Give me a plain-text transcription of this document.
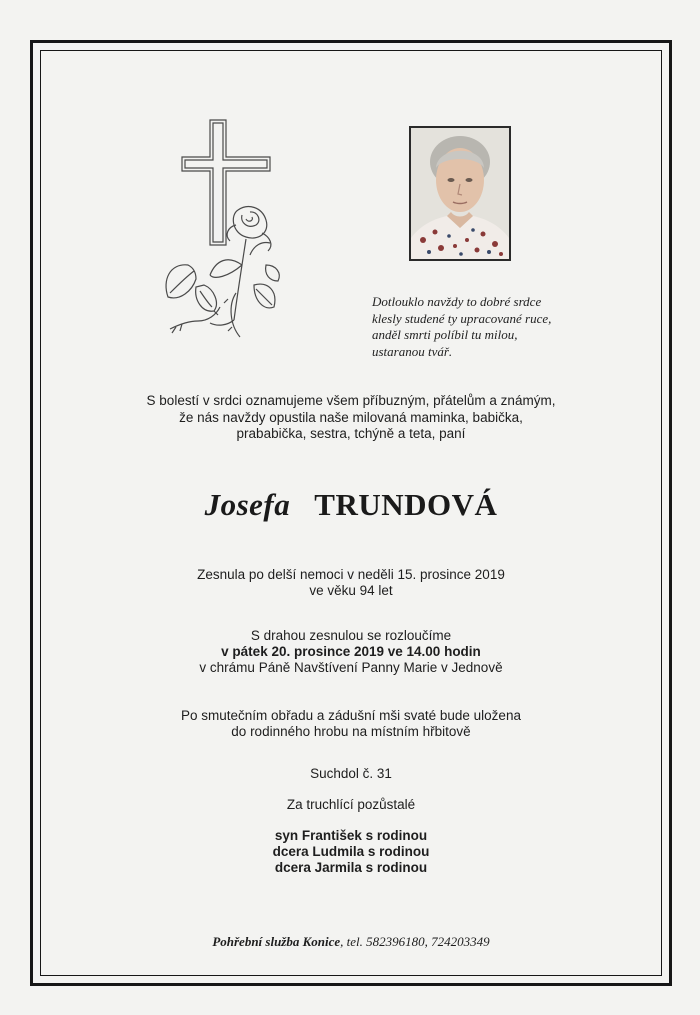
Dotlouklo navždy to dobré srdce
klesly studené ty upracované ruce,
anděl smrti políbil tu milou,
ustaranou tvář.
S bolestí v srdci oznamujeme všem příbuzným, přátelům a známým,
že nás navždy opustila naše milovaná maminka, babička,
prababička, sestra, tchýně a teta, paní
Josefa TRUNDOVÁ
Zesnula po delší nemoci v neděli 15. prosince 2019
ve věku 94 let
S drahou zesnulou se rozloučíme
v pátek 20. prosince 2019 ve 14.00 hodin
v chrámu Páně Navštívení Panny Marie v Jednově
Po smutečním obřadu a zádušní mši svaté bude uložena
do rodinného hrobu na místním hřbitově
Suchdol č. 31
Za truchlící pozůstalé
syn František s rodinou
dcera Ludmila s rodinou
dcera Jarmila s rodinou
Pohřební služba Konice, tel. 582396180, 724203349
